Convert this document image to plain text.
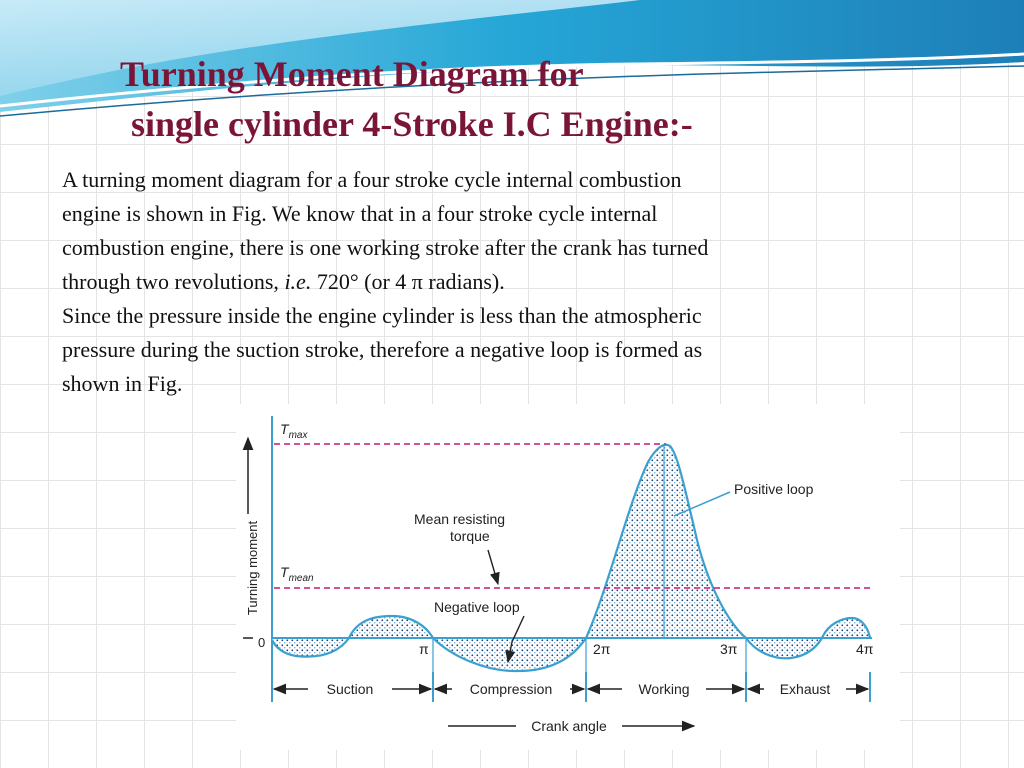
Turning Moment Diagram for
single cylinder 4-Stroke I.C Engine:-

A turning moment diagram for a four stroke cycle internal combustion
engine is shown in Fig. We know that in a four stroke cycle internal
combustion engine, there is one working stroke after the crank has turned
through two revolutions, i.e. 720° (or 4 π radians).

Since the pressure inside the engine cylinder is less than the atmospheric
pressure during the suction stroke, therefore a negative loop is formed as
shown in Fig.

Turning moment
$T_{max}$
$T_{mean}$
0	π	2π	3π	4π
Positive loop
Mean resisting
torque
Negative loop
Suction	Compression	Working	Exhaust
Crank angle
